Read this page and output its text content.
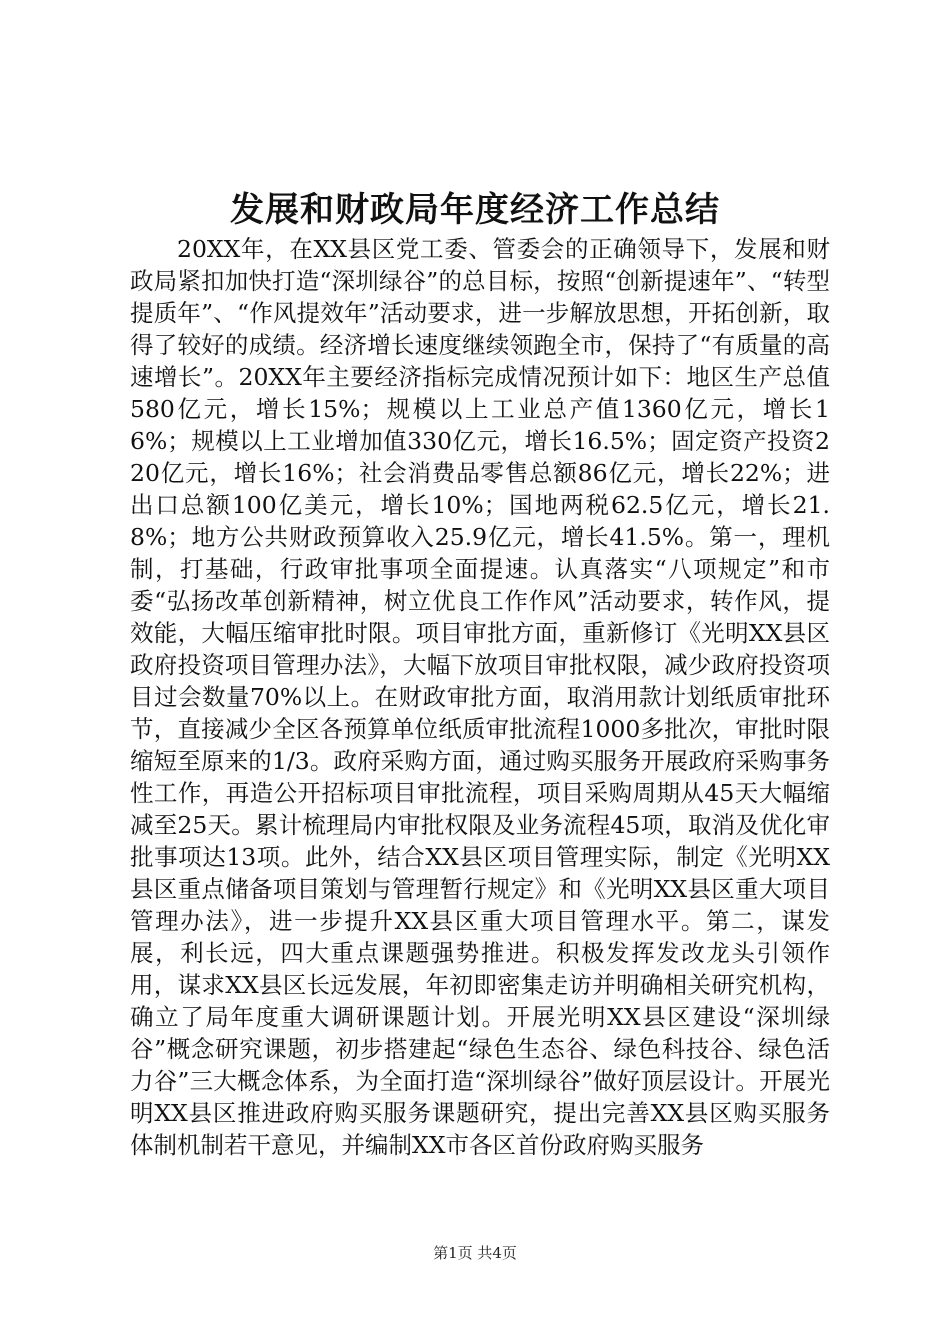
发展和财政局年度经济工作总结

20XX年，在XX县区党工委、管委会的正确领导下，发展和财政局紧扣加快打造“深圳绿谷”的总目标，按照“创新提速年”、“转型提质年”、“作风提效年”活动要求，进一步解放思想，开拓创新，取得了较好的成绩。经济增长速度继续领跑全市，保持了“有质量的高速增长”。20XX年主要经济指标完成情况预计如下：地区生产总值580亿元，增长15%；规模以上工业总产值1360亿元，增长16%；规模以上工业增加值330亿元，增长16.5%；固定资产投资220亿元，增长16%；社会消费品零售总额86亿元，增长22%；进出口总额100亿美元，增长10%；国地两税62.5亿元，增长21.8%；地方公共财政预算收入25.9亿元，增长41.5%。第一，理机制，打基础，行政审批事项全面提速。认真落实“八项规定”和市委“弘扬改革创新精神，树立优良工作作风”活动要求，转作风，提效能，大幅压缩审批时限。项目审批方面，重新修订《光明XX县区政府投资项目管理办法》，大幅下放项目审批权限，减少政府投资项目过会数量70%以上。在财政审批方面，取消用款计划纸质审批环节，直接减少全区各预算单位纸质审批流程1000多批次，审批时限缩短至原来的1/3。政府采购方面，通过购买服务开展政府采购事务性工作，再造公开招标项目审批流程，项目采购周期从45天大幅缩减至25天。累计梳理局内审批权限及业务流程45项，取消及优化审批事项达13项。此外，结合XX县区项目管理实际，制定《光明XX县区重点储备项目策划与管理暂行规定》和《光明XX县区重大项目管理办法》，进一步提升XX县区重大项目管理水平。第二，谋发展，利长远，四大重点课题强势推进。积极发挥发改龙头引领作用，谋求XX县区长远发展，年初即密集走访并明确相关研究机构，确立了局年度重大调研课题计划。开展光明XX县区建设“深圳绿谷”概念研究课题，初步搭建起“绿色生态谷、绿色科技谷、绿色活力谷”三大概念体系，为全面打造“深圳绿谷”做好顶层设计。开展光明XX县区推进政府购买服务课题研究，提出完善XX县区购买服务体制机制若干意见，并编制XX市各区首份政府购买服务

第1页 共4页
